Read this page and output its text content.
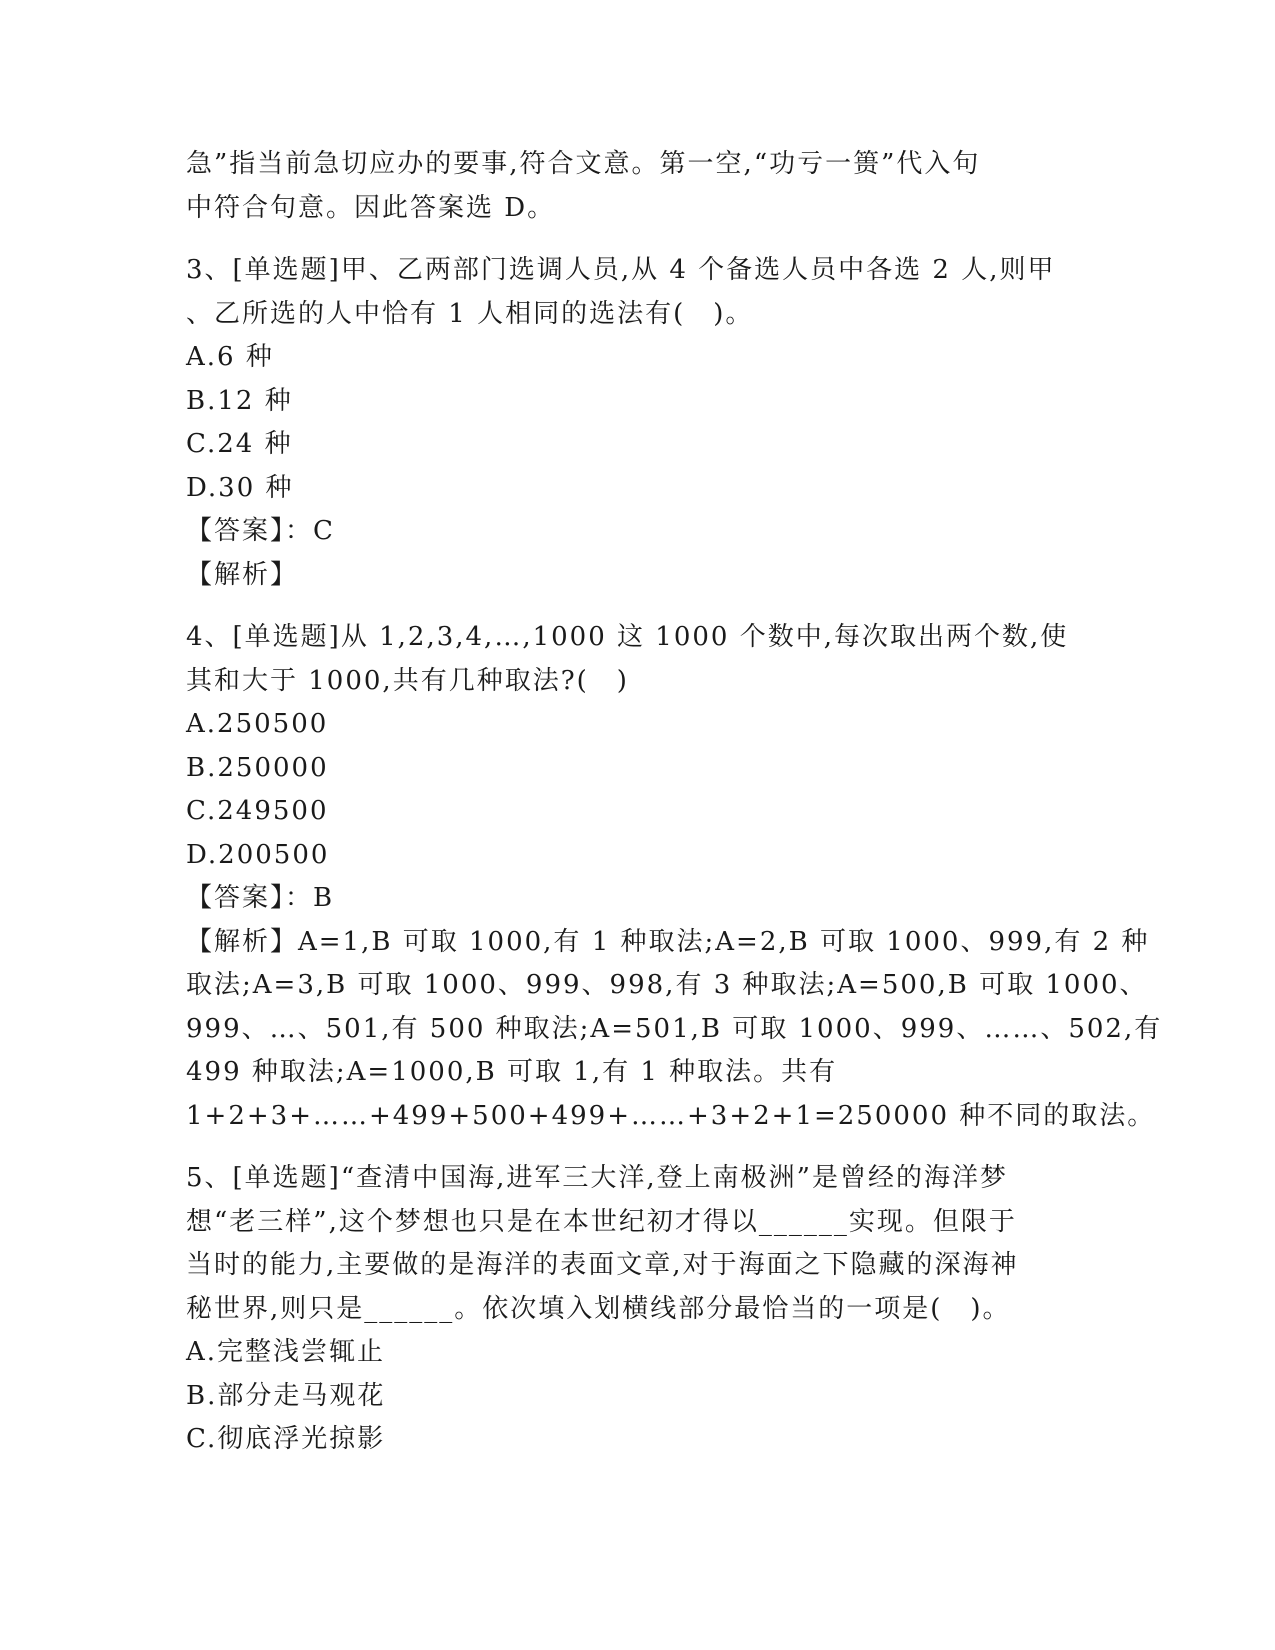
急”指当前急切应办的要事,符合文意。第一空,“功亏一篑”代入句
中符合句意。因此答案选 D。
3、[单选题]甲、乙两部门选调人员,从 4 个备选人员中各选 2 人,则甲
、乙所选的人中恰有 1 人相同的选法有(　)。
A.6 种
B.12 种
C.24 种
D.30 种
【答案】：C
【解析】
4、[单选题]从 1,2,3,4,…,1000 这 1000 个数中,每次取出两个数,使
其和大于 1000,共有几种取法?(　)
A.250500
B.250000
C.249500
D.200500
【答案】：B
【解析】A=1,B 可取 1000,有 1 种取法;A=2,B 可取 1000、999,有 2 种
取法;A=3,B 可取 1000、999、998,有 3 种取法;A=500,B 可取 1000、
999、…、501,有 500 种取法;A=501,B 可取 1000、999、……、502,有
499 种取法;A=1000,B 可取 1,有 1 种取法。共有
1+2+3+……+499+500+499+……+3+2+1=250000 种不同的取法。
5、[单选题]“查清中国海,进军三大洋,登上南极洲”是曾经的海洋梦
想“老三样”,这个梦想也只是在本世纪初才得以______实现。但限于
当时的能力,主要做的是海洋的表面文章,对于海面之下隐藏的深海神
秘世界,则只是______。依次填入划横线部分最恰当的一项是(　)。
A.完整浅尝辄止
B.部分走马观花
C.彻底浮光掠影
